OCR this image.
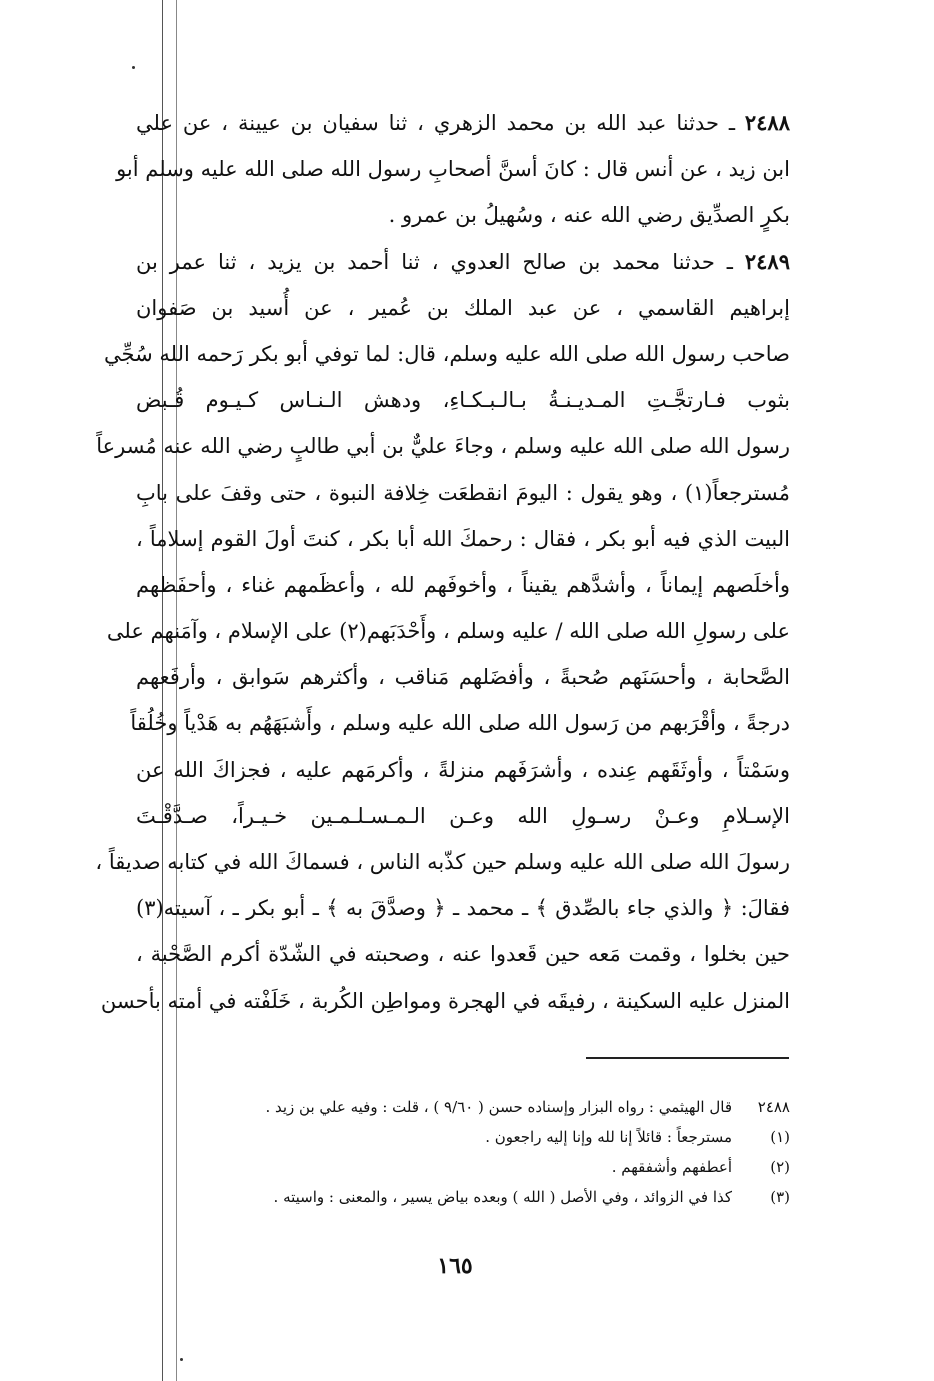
٢٤٨٨ ـ حدثنا عبد الله بن محمد الزهري ، ثنا سفيان بن عيينة ، عن علي
ابن زيد ، عن أنس قال : كانَ أسنَّ أصحابِ رسول الله صلى الله عليه وسلم أبو
بكرٍ الصدِّيق رضي الله عنه ، وسُهيلُ بن عمرو .
٢٤٨٩ ـ حدثنا محمد بن صالح العدوي ، ثنا أحمد بن يزيد ، ثنا عمر بن
إبراهيم القاسمي ، عن عبد الملك بن عُمير ، عن أُسيد بن صَفوان
صاحب رسول الله صلى الله عليه وسلم، قال: لما توفي أبو بكر رَحمه الله سُجِّي
بثوب فـارتجَّـتِ المـديـنـةُ بـالـبـكـاءِ، ودهش الـنـاس كـيـوم قُـبض
رسول الله صلى الله عليه وسلم ، وجاءَ عليٌّ بن أبي طالبٍ رضي الله عنه مُسرعاً
مُسترجعاً(١) ، وهو يقول : اليومَ انقطعَت خِلافة النبوة ، حتى وقفَ على بابِ
البيت الذي فيه أبو بكر ، فقال : رحمكَ الله أبا بكر ، كنتَ أولَ القوم إسلاماً ،
وأخلَصهم إيماناً ، وأشدَّهم يقيناً ، وأخوفَهم لله ، وأعظَمهم غناء ، وأحفَظهم
على رسولِ الله صلى الله / عليه وسلم ، وأَحْدَبَهم(٢) على الإسلام ، وآمَنهم على
الصَّحابة ، وأحسَنَهم صُحبةً ، وأفضَلهم مَناقب ، وأكثرهم سَوابق ، وأرفَعهم
درجةً ، وأقْرَبهم من رَسول الله صلى الله عليه وسلم ، وأَشبَهَهُم به هَدْياً وخُلُقاً
وسَمْتاً ، وأوثَقَهم عِنده ، وأشرَفَهم منزلةً ، وأكرمَهم عليه ، فجزاكَ الله عن
الإسـلامِ وعـنْ رسـولِ الله وعـن الـمـسـلـمـين خـيـراً، صـدَّقْـتَ
رسولَ الله صلى الله عليه وسلم حين كذّبه الناس ، فسماكَ الله في كتابه صديقاً ،
فقالَ: ﴿ والذي جاء بالصِّدق ﴾ ـ محمد ـ ﴿ وصدَّقَ به ﴾ ـ أبو بكر ـ ، آسيته(٣)
حين بخلوا ، وقمت مَعه حين قَعدوا عنه ، وصحبته في الشّدّة أكرم الصَّحْبة ،
المنزل عليه السكينة ، رفيقَه في الهجرة ومواطِن الكُربة ، خَلَفْته في أمته بأحسن
٢٤٨٨
قال الهيثمي : رواه البزار وإسناده حسن ( ٩/٦٠ ) ، قلت : وفيه علي بن زيد .
(١)
مسترجعاً : قائلاً إنا لله وإنا إليه راجعون .
(٢)
أعطفهم وأشفقهم .
(٣)
كذا في الزوائد ، وفي الأصل ( الله ) وبعده بياض يسير ، والمعنى : واسيته .
١٦٥
